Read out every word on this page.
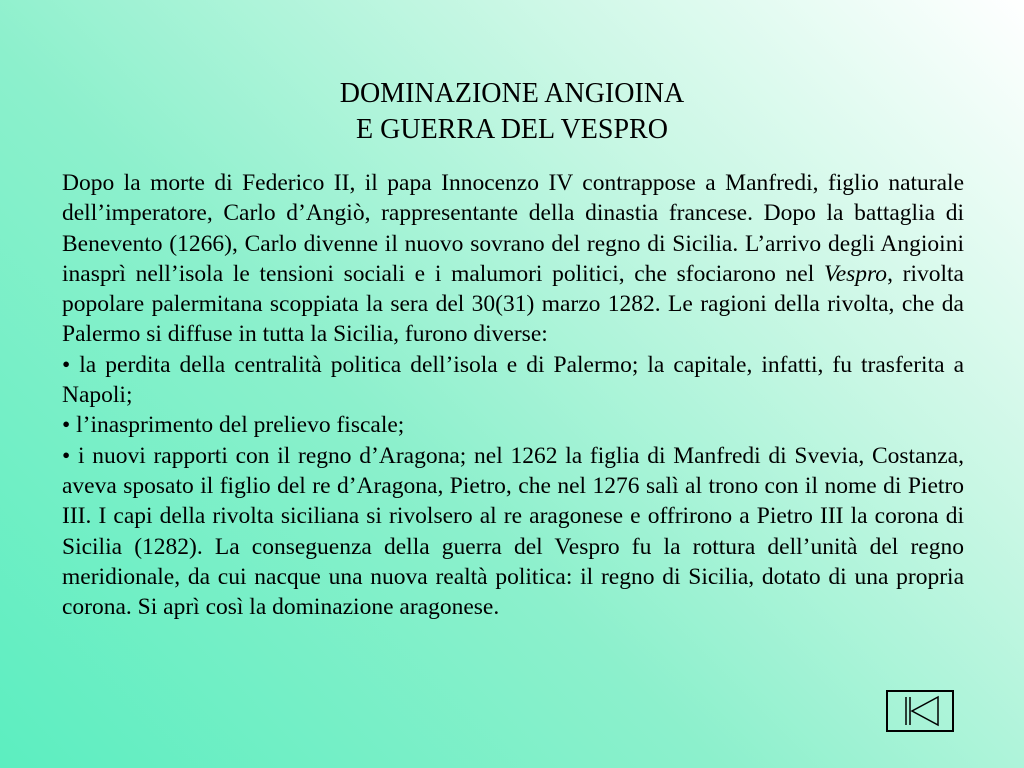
DOMINAZIONE ANGIOINA
E GUERRA DEL VESPRO

Dopo la morte di Federico II, il papa Innocenzo IV contrappose a Manfredi, figlio naturale dell’imperatore, Carlo d’Angiò, rappresentante della dinastia francese. Dopo la battaglia di Benevento (1266), Carlo divenne il nuovo sovrano del regno di Sicilia. L’arrivo degli Angioini inasprì nell’isola le tensioni sociali e i malumori politici, che sfociarono nel Vespro, rivolta popolare palermitana scoppiata la sera del 30(31) marzo 1282. Le ragioni della rivolta, che da Palermo si diffuse in tutta la Sicilia, furono diverse:

• la perdita della centralità politica dell’isola e di Palermo; la capitale, infatti, fu trasferita a Napoli;

• l’inasprimento del prelievo fiscale;

• i nuovi rapporti con il regno d’Aragona; nel 1262 la figlia di Manfredi di Svevia, Costanza, aveva sposato il figlio del re d’Aragona, Pietro, che nel 1276 salì al trono con il nome di Pietro III. I capi della rivolta siciliana si rivolsero al re aragonese e offrirono a Pietro III la corona di Sicilia (1282). La conseguenza della guerra del Vespro fu la rottura dell’unità del regno meridionale, da cui nacque una nuova realtà politica: il regno di Sicilia, dotato di una propria corona. Si aprì così la dominazione aragonese.
